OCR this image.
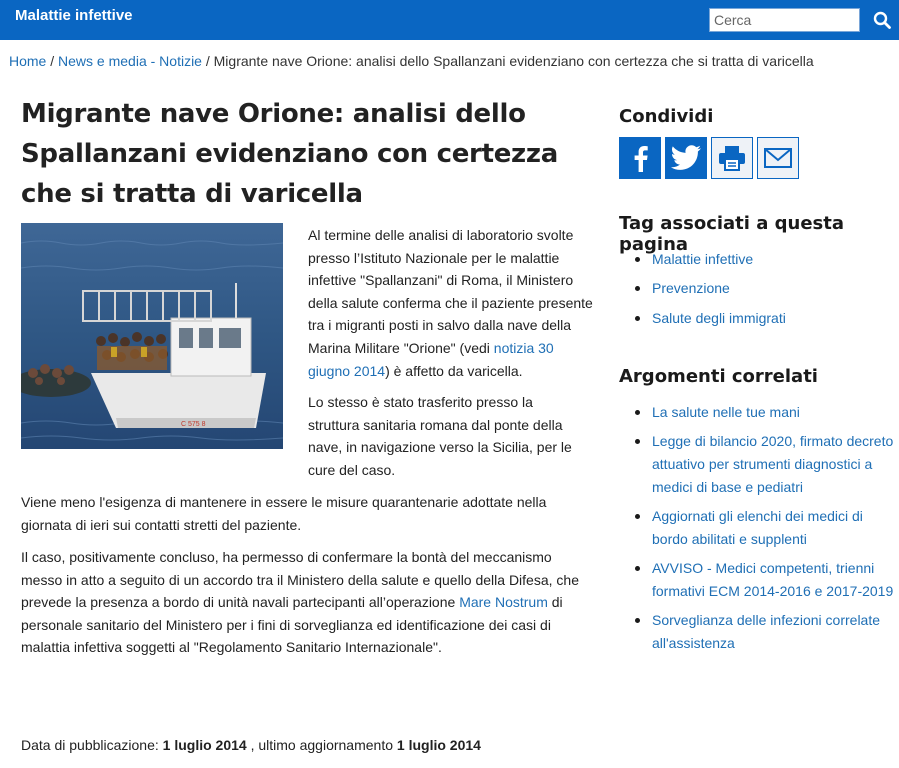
Malattie infettive
Cerca
Home / News e media - Notizie / Migrante nave Orione: analisi dello Spallanzani evidenziano con certezza che si tratta di varicella
Migrante nave Orione: analisi dello Spallanzani evidenziano con certezza che si tratta di varicella
C 575 8

Al termine delle analisi di laboratorio svolte presso l’Istituto Nazionale per le malattie infettive "Spallanzani" di Roma, il Ministero della salute conferma che il paziente presente tra i migranti posti in salvo dalla nave della Marina Militare "Orione" (vedi notizia 30 giugno 2014) è affetto da varicella.

Lo stesso è stato trasferito presso la struttura sanitaria romana dal ponte della nave, in navigazione verso la Sicilia, per le cure del caso.

Viene meno l'esigenza di mantenere in essere le misure quarantenarie adottate nella giornata di ieri sui contatti stretti del paziente.

Il caso, positivamente concluso, ha permesso di confermare la bontà del meccanismo messo in atto a seguito di un accordo tra il Ministero della salute e quello della Difesa, che prevede la presenza a bordo di unità navali partecipanti all’operazione Mare Nostrum di personale sanitario del Ministero per i fini di sorveglianza ed identificazione dei casi di malattia infettiva soggetti al "Regolamento Sanitario Internazionale".

Data di pubblicazione: 1 luglio 2014 , ultimo aggiornamento 1 luglio 2014
Condividi
Tag associati a questa pagina
Malattie infettive
Prevenzione
Salute degli immigrati
Argomenti correlati
La salute nelle tue mani
Legge di bilancio 2020, firmato decreto attuativo per strumenti diagnostici a medici di base e pediatri
Aggiornati gli elenchi dei medici di bordo abilitati e supplenti
AVVISO - Medici competenti, trienni formativi ECM 2014-2016 e 2017-2019
Sorveglianza delle infezioni correlate all'assistenza
